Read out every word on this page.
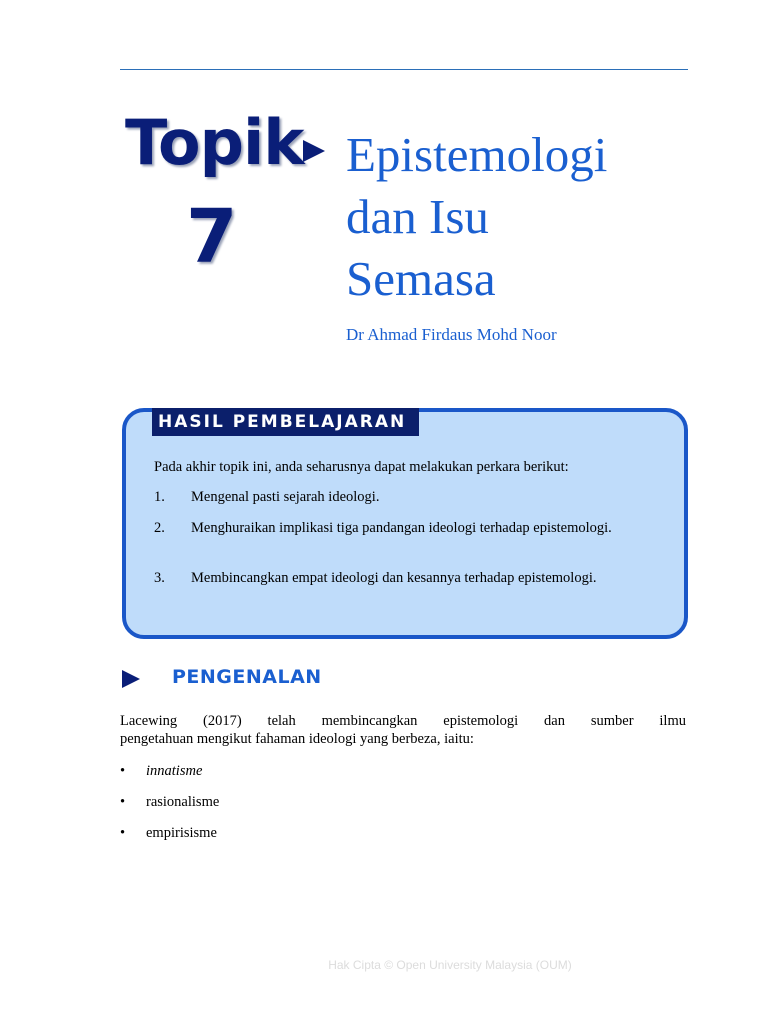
Topik
7
Epistemologi
dan Isu
Semasa
Dr Ahmad Firdaus Mohd Noor
HASIL PEMBELAJARAN
Pada akhir topik ini, anda seharusnya dapat melakukan perkara berikut:
1. Mengenal pasti sejarah ideologi.
2. Menghuraikan implikasi tiga pandangan ideologi terhadap epistemologi.
3. Membincangkan empat ideologi dan kesannya terhadap epistemologi.
PENGENALAN
Lacewing (2017) telah membincangkan epistemologi dan sumber ilmu
pengetahuan mengikut fahaman ideologi yang berbeza, iaitu:
• innatisme
• rasionalisme
• empirisisme
Hak Cipta © Open University Malaysia (OUM)
